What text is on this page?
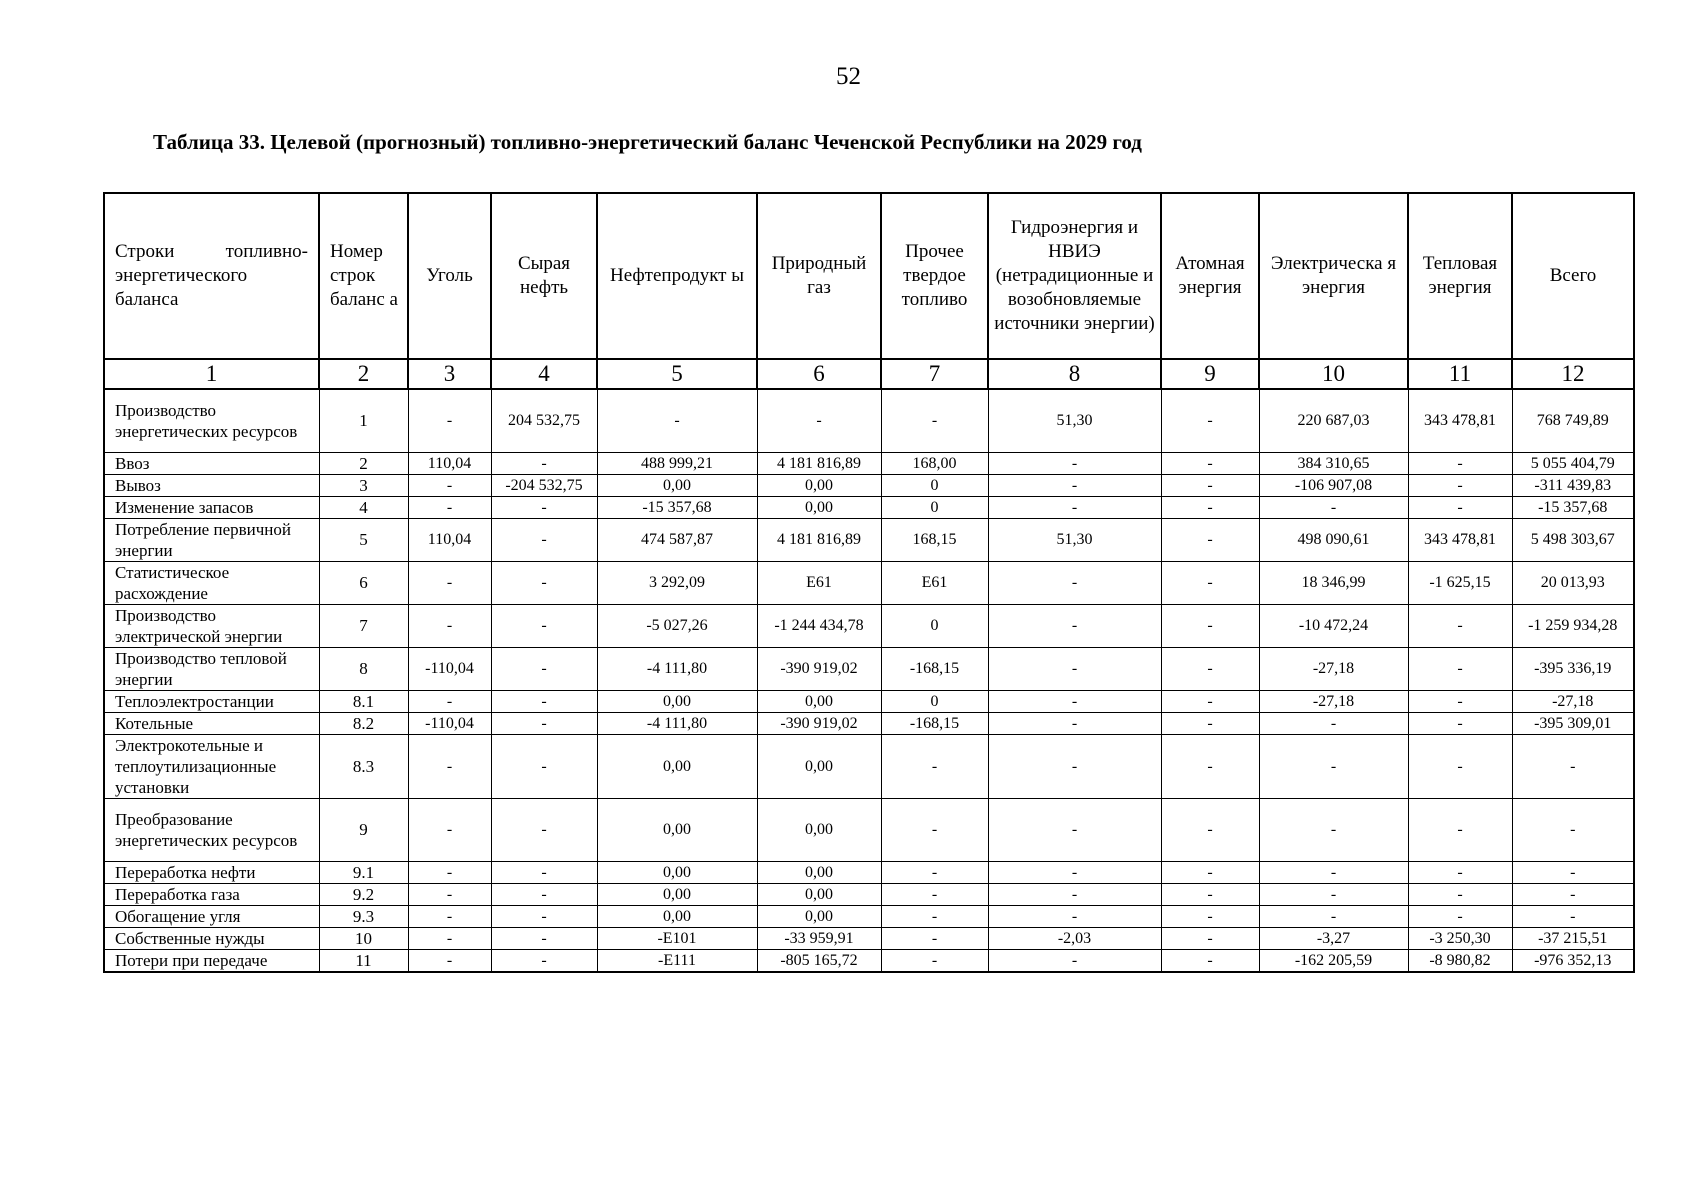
52
Таблица 33. Целевой (прогнозный) топливно-энергетический баланс Чеченской Республики на 2029 год
Строки топливно-энергетического баланса	Номер строк баланс а	Уголь	Сырая нефть	Нефтепродукт ы	Природный газ	Прочее твердое топливо	Гидроэнергия и НВИЭ (нетрадиционные и возобновляемые источники энергии)	Атомная энергия	Электрическа я энергия	Тепловая энергия	Всего
1	2	3	4	5	6	7	8	9	10	11	12
Производство энергетических ресурсов	1	-	204 532,75	-	-	-	51,30	-	220 687,03	343 478,81	768 749,89
Ввоз	2	110,04	-	488 999,21	4 181 816,89	168,00	-	-	384 310,65	-	5 055 404,79
Вывоз	3	-	-204 532,75	0,00	0,00	0	-	-	-106 907,08	-	-311 439,83
Изменение запасов	4	-	-	-15 357,68	0,00	0	-	-	-	-	-15 357,68
Потребление первичной энергии	5	110,04	-	474 587,87	4 181 816,89	168,15	51,30	-	498 090,61	343 478,81	5 498 303,67
Статистическое расхождение	6	-	-	3 292,09	E61	E61	-	-	18 346,99	-1 625,15	20 013,93
Производство электрической энергии	7	-	-	-5 027,26	-1 244 434,78	0	-	-	-10 472,24	-	-1 259 934,28
Производство тепловой энергии	8	-110,04	-	-4 111,80	-390 919,02	-168,15	-	-	-27,18	-	-395 336,19
Теплоэлектростанции	8.1	-	-	0,00	0,00	0	-	-	-27,18	-	-27,18
Котельные	8.2	-110,04	-	-4 111,80	-390 919,02	-168,15	-	-	-	-	-395 309,01
Электрокотельные и теплоутилизационные установки	8.3	-	-	0,00	0,00	-	-	-	-	-	-
Преобразование энергетических ресурсов	9	-	-	0,00	0,00	-	-	-	-	-	-
Переработка нефти	9.1	-	-	0,00	0,00	-	-	-	-	-	-
Переработка газа	9.2	-	-	0,00	0,00	-	-	-	-	-	-
Обогащение угля	9.3	-	-	0,00	0,00	-	-	-	-	-	-
Собственные нужды	10	-	-	-E101	-33 959,91	-	-2,03	-	-3,27	-3 250,30	-37 215,51
Потери при передаче	11	-	-	-E111	-805 165,72	-	-	-	-162 205,59	-8 980,82	-976 352,13
